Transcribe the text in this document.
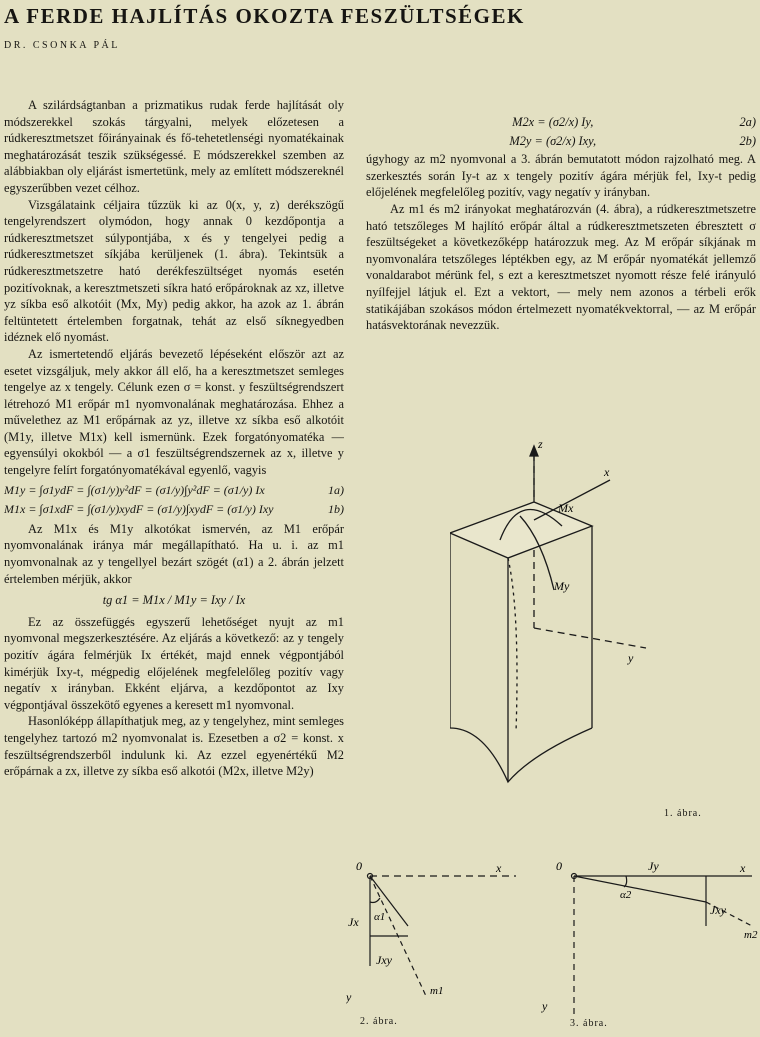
A FERDE HAJLÍTÁS OKOZTA FESZÜLTSÉGEK
DR. CSONKA PÁL

A szilárdságtanban a prizmatikus rudak ferde hajlítását oly módszerekkel szokás tárgyalni, melyek előzetesen a rúdkeresztmetszet főirányainak és fő-tehetetlenségi nyomatékainak meghatározását teszik szükségessé. E módszerekkel szemben az alábbiakban oly eljárást ismertetünk, mely az említett módszereknél egyszerűbben vezet célhoz.

Vizsgálataink céljaira tűzzük ki az 0(x, y, z) derékszögű tengelyrendszert olymódon, hogy annak 0 kezdőpontja a rúdkeresztmetszet súlypontjába, x és y tengelyei pedig a rúdkeresztmetszet síkjába kerüljenek (1. ábra). Tekintsük a rúdkeresztmetszetre ható derékfeszültséget nyomás esetén pozitívoknak, a keresztmetszeti síkra ható erőpároknak az xz, illetve yz síkba eső alkotóit (Mx, My) pedig akkor, ha azok az 1. ábrán feltüntetett értelemben forgatnak, tehát az első síknegyedben idéznek elő nyomást.

Az ismertetendő eljárás bevezető lépéseként először azt az esetet vizsgáljuk, mely akkor áll elő, ha a keresztmetszet semleges tengelye az x tengely. Célunk ezen σ = konst. y feszültségrendszert létrehozó M1 erőpár m1 nyomvonalának meghatározása. Ehhez a művelethez az M1 erőpárnak az yz, illetve xz síkba eső alkotóit (M1y, illetve M1x) kell ismernünk. Ezek forgatónyomatéka — egyensúlyi okokból — a σ1 feszültségrendszernek az x, illetve y tengelyre felírt forgatónyomatékával egyenlő, vagyis

M1y = ∫σ1ydF = ∫(σ1/y)y²dF = (σ1/y)∫y²dF = (σ1/y) Ix	1a)
M1x = ∫σ1xdF = ∫(σ1/y)xydF = (σ1/y)∫xydF = (σ1/y) Ixy	1b)

Az M1x és M1y alkotókat ismervén, az M1 erőpár nyomvonalának iránya már megállapítható. Ha u. i. az m1 nyomvonalnak az y tengellyel bezárt szögét (α1) a 2. ábrán jelzett értelemben mérjük, akkor

tg α1 = M1x / M1y = Ixy / Ix

Ez az összefüggés egyszerű lehetőséget nyujt az m1 nyomvonal megszerkesztésére. Az eljárás a következő: az y tengely pozitív ágára felmérjük Ix értékét, majd ennek végpontjából kimérjük Ixy-t, mégpedig előjelének megfelelőleg pozitív vagy negatív x irányban. Ekként eljárva, a kezdőpontot az Ixy végpontjával összekötő egyenes a keresett m1 nyomvonal.

Hasonlóképp állapíthatjuk meg, az y tengelyhez, mint semleges tengelyhez tartozó m2 nyomvonalat is. Ezesetben a σ2 = konst. x feszültségrendszerből indulunk ki. Az ezzel egyenértékű M2 erőpárnak a zx, illetve zy síkba eső alkotói (M2x, illetve M2y)

M2x = (σ2/x) Iy,	2a)
M2y = (σ2/x) Ixy,	2b)

úgyhogy az m2 nyomvonal a 3. ábrán bemutatott módon rajzolható meg. A szerkesztés során Iy-t az x tengely pozitív ágára mérjük fel, Ixy-t pedig előjelének megfelelőleg pozitív, vagy negatív y irányban.

Az m1 és m2 irányokat meghatározván (4. ábra), a rúdkeresztmetszetre ható tetszőleges M hajlító erőpár által a rúdkeresztmetszeten ébresztett σ feszültségeket a következőképp határozzuk meg. Az M erőpár síkjának m nyomvonalára tetszőleges léptékben egy, az M erőpár nyomatékát jellemző vonaldarabot mérünk fel, s ezt a keresztmetszet nyomott része felé irányuló nyílfejjel látjuk el. Ezt a vektort, — mely nem azonos a térbeli erők statikájában szokásos módon értelmezett nyomatékvektorral, — az M erőpár hatásvektorának nevezzük.

z
x
Mx
My
y
1. ábra.
0	x
Jx α1
Jxy
m1
y
2. ábra.
0	Jy	x
α2
Jxy
m2
y
3. ábra.
